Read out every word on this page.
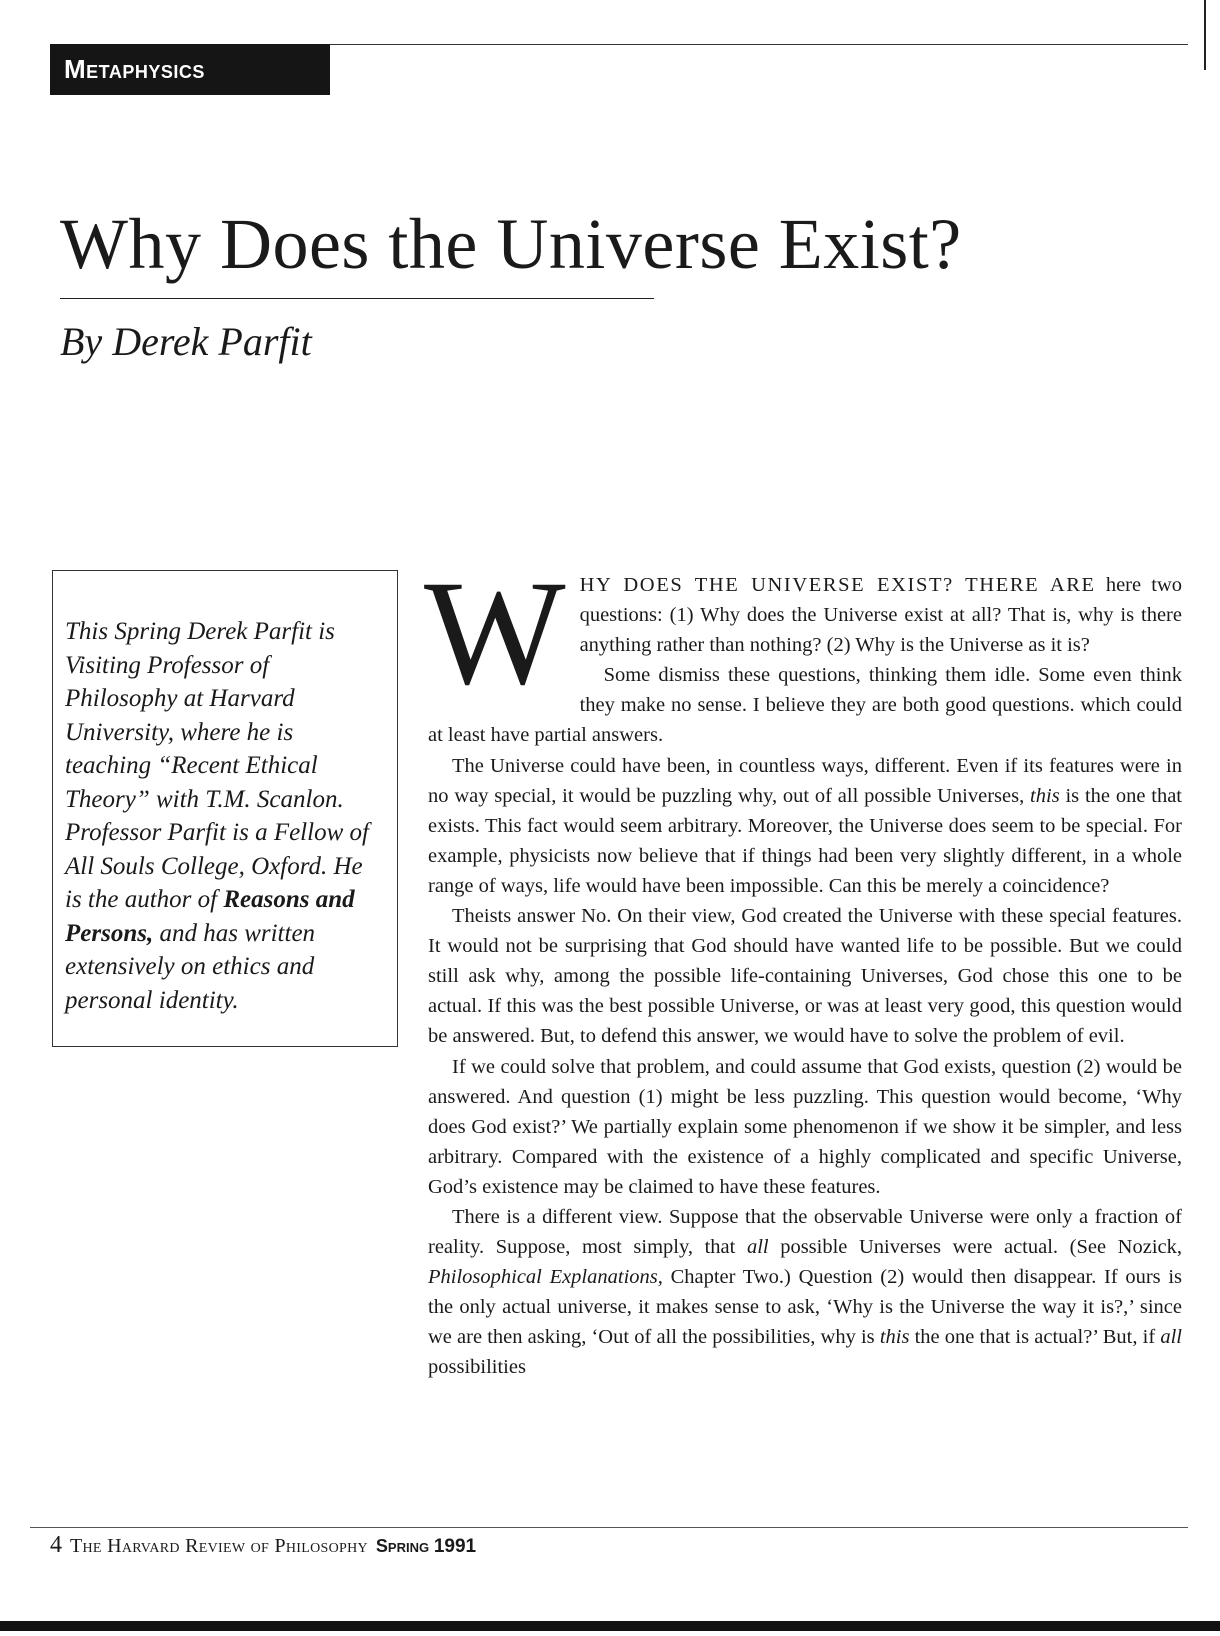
Metaphysics
Why Does the Universe Exist?
By Derek Parfit
This Spring Derek Parfit is Visiting Professor of Philosophy at Harvard University, where he is teaching “Recent Ethical Theory” with T.M. Scanlon. Professor Parfit is a Fellow of All Souls College, Oxford. He is the author of Reasons and Persons, and has written extensively on ethics and personal identity.

WHY DOES THE UNIVERSE EXIST? THERE ARE here two questions: (1) Why does the Universe exist at all? That is, why is there anything rather than nothing? (2) Why is the Universe as it is?

Some dismiss these questions, thinking them idle. Some even think they make no sense. I believe they are both good questions. which could at least have partial answers.

The Universe could have been, in countless ways, different. Even if its features were in no way special, it would be puzzling why, out of all possible Universes, this is the one that exists. This fact would seem arbitrary. Moreover, the Universe does seem to be special. For example, physicists now believe that if things had been very slightly different, in a whole range of ways, life would have been impossible. Can this be merely a coincidence?

Theists answer No. On their view, God created the Universe with these special features. It would not be surprising that God should have wanted life to be possible. But we could still ask why, among the possible life-containing Universes, God chose this one to be actual. If this was the best possible Universe, or was at least very good, this question would be answered. But, to defend this answer, we would have to solve the problem of evil.

If we could solve that problem, and could assume that God exists, question (2) would be answered. And question (1) might be less puzzling. This question would become, ‘Why does God exist?’ We partially explain some phenomenon if we show it be simpler, and less arbitrary. Compared with the existence of a highly complicated and specific Universe, God’s existence may be claimed to have these features.

There is a different view. Suppose that the observable Universe were only a fraction of reality. Suppose, most simply, that all possible Universes were actual. (See Nozick, Philosophical Explanations, Chapter Two.) Question (2) would then disappear. If ours is the only actual universe, it makes sense to ask, ‘Why is the Universe the way it is?,’ since we are then asking, ‘Out of all the possibilities, why is this the one that is actual?’ But, if all possibilities

4 The Harvard Review of Philosophy Spring 1991
